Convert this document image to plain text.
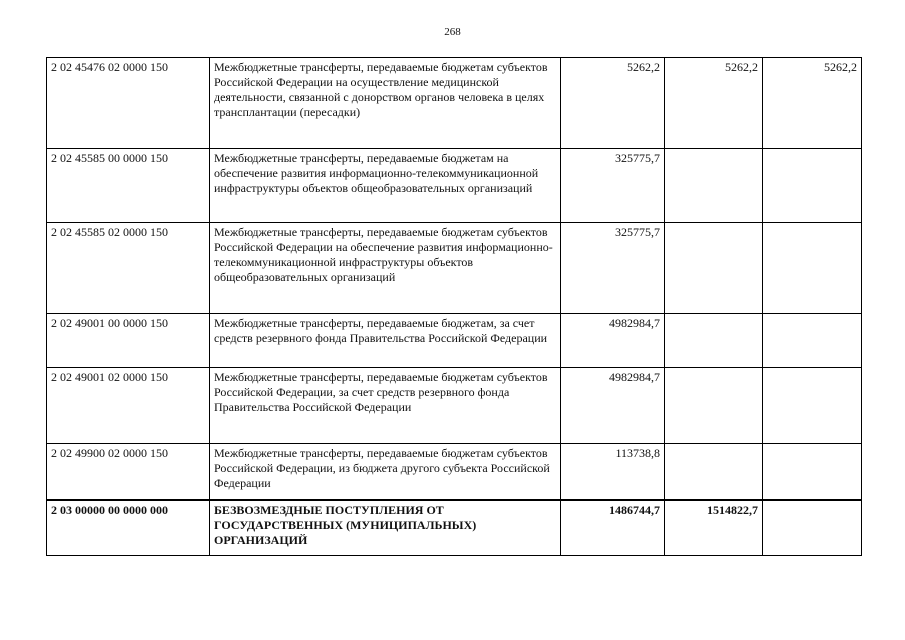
268
2 02 45476 02 0000 150	Межбюджетные трансферты, передаваемые бюджетам субъектов Российской Федерации на осуществление медицинской деятельности, связанной с донорством органов человека в целях трансплантации (пересадки)	5262,2	5262,2	5262,2
2 02 45585 00 0000 150	Межбюджетные трансферты, передаваемые бюджетам на обеспечение развития информационно-телекоммуникационной инфраструктуры объектов общеобразовательных организаций	325775,7		
2 02 45585 02 0000 150	Межбюджетные трансферты, передаваемые бюджетам субъектов Российской Федерации на обеспечение развития информационно-телекоммуникационной инфраструктуры объектов общеобразовательных организаций	325775,7		
2 02 49001 00 0000 150	Межбюджетные трансферты, передаваемые бюджетам, за счет средств резервного фонда Правительства Российской Федерации	4982984,7		
2 02 49001 02 0000 150	Межбюджетные трансферты, передаваемые бюджетам субъектов Российской Федерации, за счет средств резервного фонда Правительства Российской Федерации	4982984,7		
2 02 49900 02 0000 150	Межбюджетные трансферты, передаваемые бюджетам субъектов Российской Федерации, из бюджета другого субъекта Российской Федерации	113738,8		
2 03 00000 00 0000 000	БЕЗВОЗМЕЗДНЫЕ ПОСТУПЛЕНИЯ ОТ ГОСУДАРСТВЕННЫХ (МУНИЦИПАЛЬНЫХ) ОРГАНИЗАЦИЙ	1486744,7	1514822,7	
